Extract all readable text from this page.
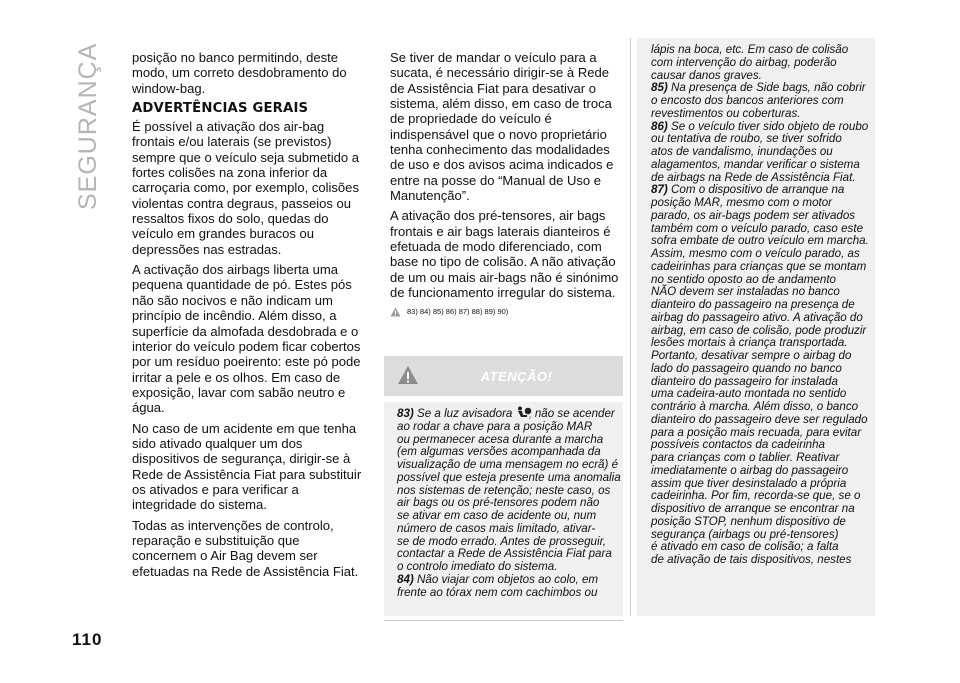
SEGURANÇA
110

posição no banco permitindo, deste modo, um correto desdobramento do window-bag.

ADVERTÊNCIAS GERAIS

É possível a ativação dos air-bag frontais e/ou laterais (se previstos) sempre que o veículo seja submetido a fortes colisões na zona inferior da carroçaria como, por exemplo, colisões violentas contra degraus, passeios ou ressaltos fixos do solo, quedas do veículo em grandes buracos ou depressões nas estradas.

A activação dos airbags liberta uma pequena quantidade de pó. Estes pós não são nocivos e não indicam um princípio de incêndio. Além disso, a superfície da almofada desdobrada e o interior do veículo podem ficar cobertos por um resíduo poeirento: este pó pode irritar a pele e os olhos. Em caso de exposição, lavar com sabão neutro e água.

No caso de um acidente em que tenha sido ativado qualquer um dos dispositivos de segurança, dirigir-se à Rede de Assistência Fiat para substituir os ativados e para verificar a integridade do sistema.

Todas as intervenções de controlo, reparação e substituição que concernem o Air Bag devem ser efetuadas na Rede de Assistência Fiat.

Se tiver de mandar o veículo para a sucata, é necessário dirigir-se à Rede de Assistência Fiat para desativar o sistema, além disso, em caso de troca de propriedade do veículo é indispensável que o novo proprietário tenha conhecimento das modalidades de uso e dos avisos acima indicados e entre na posse do “Manual de Uso e Manutenção”.

A ativação dos pré-tensores, air bags frontais e air bags laterais dianteiros é efetuada de modo diferenciado, com base no tipo de colisão. A não ativação de um ou mais air-bags não é sinónimo de funcionamento irregular do sistema.

83) 84) 85) 86) 87) 88) 89) 90)
ATENÇÃO!
83) Se a luz avisadora	2 não se acender
ao rodar a chave para a posição MAR
ou permanecer acesa durante a marcha
(em algumas versões acompanhada da
visualização de uma mensagem no ecrã) é
possível que esteja presente uma anomalia
nos sistemas de retenção; neste caso, os
air bags ou os pré-tensores podem não
se ativar em caso de acidente ou, num
número de casos mais limitado, ativar-
se de modo errado. Antes de prosseguir,
contactar a Rede de Assistência Fiat para
o controlo imediato do sistema.
84) Não viajar com objetos ao colo, em
frente ao tórax nem com cachimbos ou
lápis na boca, etc. Em caso de colisão
com intervenção do airbag, poderão
causar danos graves.
85) Na presença de Side bags, não cobrir
o encosto dos bancos anteriores com
revestimentos ou coberturas.
86) Se o veículo tiver sido objeto de roubo
ou tentativa de roubo, se tiver sofrido
atos de vandalismo, inundações ou
alagamentos, mandar verificar o sistema
de airbags na Rede de Assistência Fiat.
87) Com o dispositivo de arranque na
posição MAR, mesmo com o motor
parado, os air-bags podem ser ativados
também com o veículo parado, caso este
sofra embate de outro veículo em marcha.
Assim, mesmo com o veículo parado, as
cadeirinhas para crianças que se montam
no sentido oposto ao de andamento
NÃO devem ser instaladas no banco
dianteiro do passageiro na presença de
airbag do passageiro ativo. A ativação do
airbag, em caso de colisão, pode produzir
lesões mortais à criança transportada.
Portanto, desativar sempre o airbag do
lado do passageiro quando no banco
dianteiro do passageiro for instalada
uma cadeira-auto montada no sentido
contrário à marcha. Além disso, o banco
dianteiro do passageiro deve ser regulado
para a posição mais recuada, para evitar
possíveis contactos da cadeirinha
para crianças com o tablier. Reativar
imediatamente o airbag do passageiro
assim que tiver desinstalado a própria
cadeirinha. Por fim, recorda-se que, se o
dispositivo de arranque se encontrar na
posição STOP, nenhum dispositivo de
segurança (airbags ou pré-tensores)
é ativado em caso de colisão; a falta
de ativação de tais dispositivos, nestes
